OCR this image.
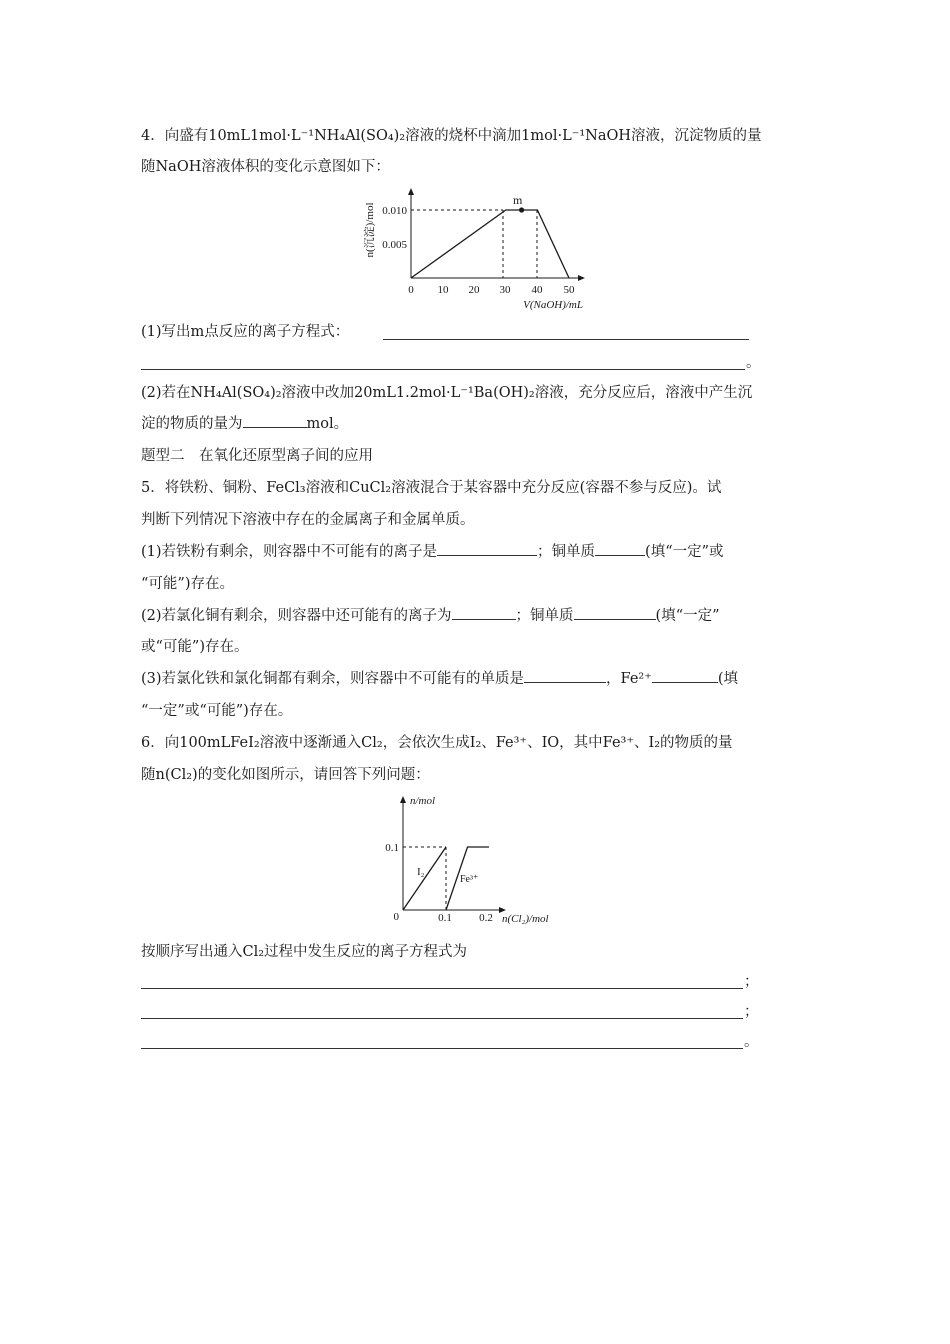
4．向盛有10mL1mol·L⁻¹NH₄Al(SO₄)₂溶液的烧杯中滴加1mol·L⁻¹NaOH溶液，沉淀物质的量
随NaOH溶液体积的变化示意图如下：
m
0.010
0.005
0 10 20 30 40 50
V(NaOH)/mL
n(沉淀)/mol
(1)写出m点反应的离子方程式：
。
(2)若在NH₄Al(SO₄)₂溶液中改加20mL1.2mol·L⁻¹Ba(OH)₂溶液，充分反应后，溶液中产生沉
淀的物质的量为	mol。
题型二　在氧化还原型离子间的应用
5．将铁粉、铜粉、FeCl₃溶液和CuCl₂溶液混合于某容器中充分反应(容器不参与反应)。试
判断下列情况下溶液中存在的金属离子和金属单质。
(1)若铁粉有剩余，则容器中不可能有的离子是	；铜单质	(填“一定”或
“可能”)存在。
(2)若氯化铜有剩余，则容器中还可能有的离子为	；铜单质	(填“一定”
或“可能”)存在。
(3)若氯化铁和氯化铜都有剩余，则容器中不可能有的单质是	，Fe²⁺	(填
“一定”或“可能”)存在。
6．向100mLFeI₂溶液中逐渐通入Cl₂，会依次生成I₂、Fe³⁺、IO，其中Fe³⁺、I₂的物质的量
随n(Cl₂)的变化如图所示，请回答下列问题：
I₂
Fe³⁺
n/mol
0.1
0	0.1 0.2 n(Cl₂)/mol
按顺序写出通入Cl₂过程中发生反应的离子方程式为
；
；
。
